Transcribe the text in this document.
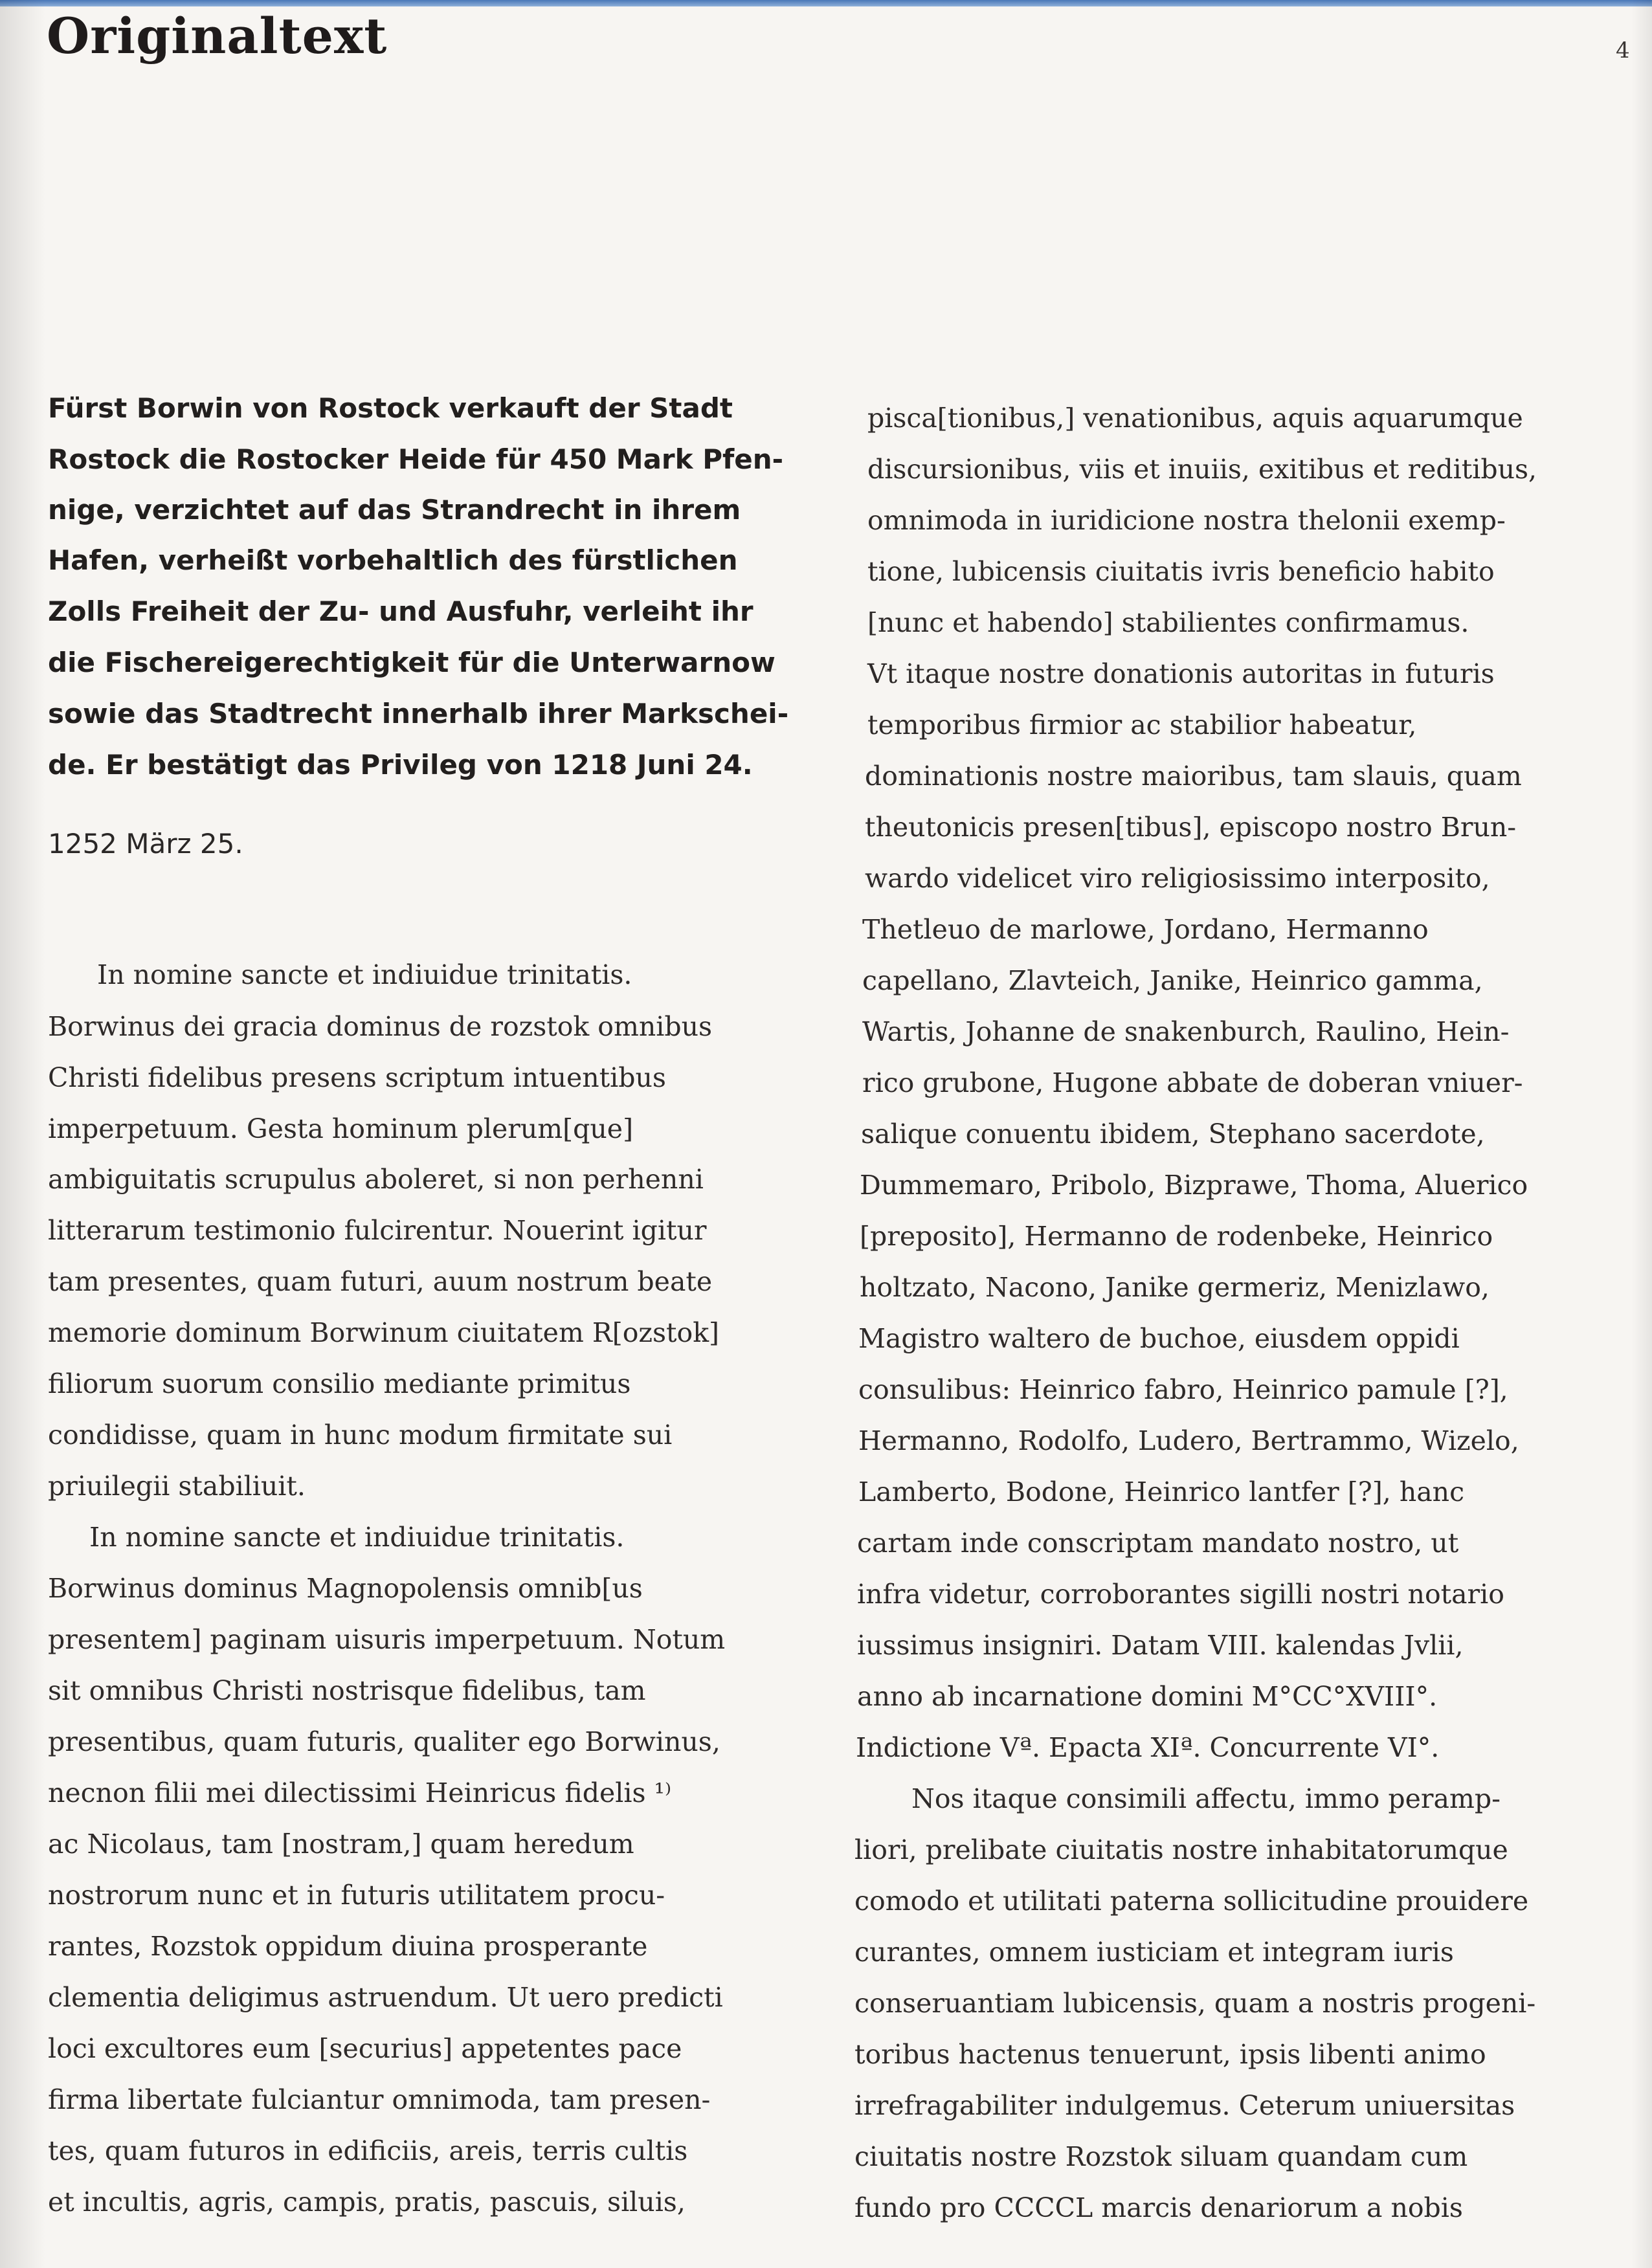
Originaltext	4
Fürst Borwin von Rostock verkauft der Stadt
Rostock die Rostocker Heide für 450 Mark Pfen-
nige, verzichtet auf das Strandrecht in ihrem
Hafen, verheißt vorbehaltlich des fürstlichen
Zolls Freiheit der Zu- und Ausfuhr, verleiht ihr
die Fischereigerechtigkeit für die Unterwarnow
sowie das Stadtrecht innerhalb ihrer Markschei-
de. Er bestätigt das Privileg von 1218 Juni 24.
1252 März 25.
In nomine sancte et indiuidue trinitatis.
Borwinus dei gracia dominus de rozstok omnibus
Christi fidelibus presens scriptum intuentibus
imperpetuum. Gesta hominum plerum[que]
ambiguitatis scrupulus aboleret, si non perhenni
litterarum testimonio fulcirentur. Nouerint igitur
tam presentes, quam futuri, auum nostrum beate
memorie dominum Borwinum ciuitatem R[ozstok]
filiorum suorum consilio mediante primitus
condidisse, quam in hunc modum firmitate sui
priuilegii stabiliuit.
In nomine sancte et indiuidue trinitatis.
Borwinus dominus Magnopolensis omnib[us
presentem] paginam uisuris imperpetuum. Notum
sit omnibus Christi nostrisque fidelibus, tam
presentibus, quam futuris, qualiter ego Borwinus,
necnon filii mei dilectissimi Heinricus fidelis ¹⁾
ac Nicolaus, tam [nostram,] quam heredum
nostrorum nunc et in futuris utilitatem procu-
rantes, Rozstok oppidum diuina prosperante
clementia deligimus astruendum. Ut uero predicti
loci excultores eum [securius] appetentes pace
firma libertate fulciantur omnimoda, tam presen-
tes, quam futuros in edificiis, areis, terris cultis
et incultis, agris, campis, pratis, pascuis, siluis,
pisca[tionibus,] venationibus, aquis aquarumque
discursionibus, viis et inuiis, exitibus et reditibus,
omnimoda in iuridicione nostra thelonii exemp-
tione, lubicensis ciuitatis ivris beneficio habito
[nunc et habendo] stabilientes confirmamus.
Vt itaque nostre donationis autoritas in futuris
temporibus firmior ac stabilior habeatur,
dominationis nostre maioribus, tam slauis, quam
theutonicis presen[tibus], episcopo nostro Brun-
wardo videlicet viro religiosissimo interposito,
Thetleuo de marlowe, Jordano, Hermanno
capellano, Zlavteich, Janike, Heinrico gamma,
Wartis, Johanne de snakenburch, Raulino, Hein-
rico grubone, Hugone abbate de doberan vniuer-
salique conuentu ibidem, Stephano sacerdote,
Dummemaro, Pribolo, Bizprawe, Thoma, Aluerico
[preposito], Hermanno de rodenbeke, Heinrico
holtzato, Nacono, Janike germeriz, Menizlawo,
Magistro waltero de buchoe, eiusdem oppidi
consulibus: Heinrico fabro, Heinrico pamule [?],
Hermanno, Rodolfo, Ludero, Bertrammo, Wizelo,
Lamberto, Bodone, Heinrico lantfer [?], hanc
cartam inde conscriptam mandato nostro, ut
infra videtur, corroborantes sigilli nostri notario
iussimus insigniri. Datam VIII. kalendas Jvlii,
anno ab incarnatione domini M°CC°XVIII°.
Indictione Vª. Epacta XIª. Concurrente VI°.
Nos itaque consimili affectu, immo peramp-
liori, prelibate ciuitatis nostre inhabitatorumque
comodo et utilitati paterna sollicitudine prouidere
curantes, omnem iusticiam et integram iuris
conseruantiam lubicensis, quam a nostris progeni-
toribus hactenus tenuerunt, ipsis libenti animo
irrefragabiliter indulgemus. Ceterum uniuersitas
ciuitatis nostre Rozstok siluam quandam cum
fundo pro CCCCL marcis denariorum a nobis
